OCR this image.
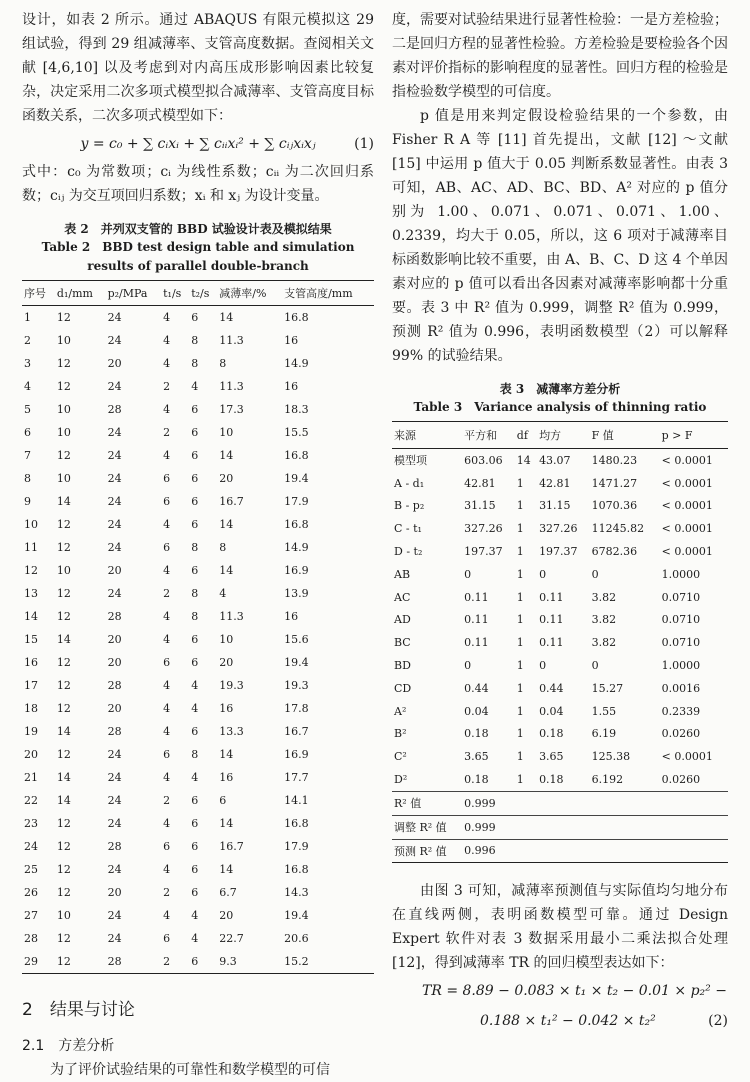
设计，如表 2 所示。通过 ABAQUS 有限元模拟这 29 组试验，得到 29 组减薄率、支管高度数据。查阅相关文献 [4,6,10] 以及考虑到对内高压成形影响因素比较复杂，决定采用二次多项式模型拟合减薄率、支管高度目标函数关系，二次多项式模型如下：

y = c₀ + ∑ cᵢxᵢ + ∑ cᵢᵢxᵢ² + ∑ cᵢⱼxᵢxⱼ	(1)

式中：c₀ 为常数项；cᵢ 为线性系数；cᵢᵢ 为二次回归系数；cᵢⱼ 为交互项回归系数；xᵢ 和 xⱼ 为设计变量。

表 2　并列双支管的 BBD 试验设计表及模拟结果
Table 2　BBD test design table and simulation results of parallel double-branch
序号	d₁/mm	p₂/MPa	t₁/s	t₂/s	减薄率/%	支管高度/mm
1	12	24	4	6	14	16.8
2	10	24	4	8	11.3	16
3	12	20	4	8	8	14.9
4	12	24	2	4	11.3	16
5	10	28	4	6	17.3	18.3
6	10	24	2	6	10	15.5
7	12	24	4	6	14	16.8
8	10	24	6	6	20	19.4
9	14	24	6	6	16.7	17.9
10	12	24	4	6	14	16.8
11	12	24	6	8	8	14.9
12	10	20	4	6	14	16.9
13	12	24	2	8	4	13.9
14	12	28	4	8	11.3	16
15	14	20	4	6	10	15.6
16	12	20	6	6	20	19.4
17	12	28	4	4	19.3	19.3
18	12	20	4	4	16	17.8
19	14	28	4	6	13.3	16.7
20	12	24	6	8	14	16.9
21	14	24	4	4	16	17.7
22	14	24	2	6	6	14.1
23	12	24	4	6	14	16.8
24	12	28	6	6	16.7	17.9
25	12	24	4	6	14	16.8
26	12	20	2	6	6.7	14.3
27	10	24	4	4	20	19.4
28	12	24	6	4	22.7	20.6
29	12	28	2	6	9.3	15.2
2　结果与讨论
2.1　方差分析

为了评价试验结果的可靠性和数学模型的可信

度，需要对试验结果进行显著性检验：一是方差检验；二是回归方程的显著性检验。方差检验是要检验各个因素对评价指标的影响程度的显著性。回归方程的检验是指检验数学模型的可信度。

p 值是用来判定假设检验结果的一个参数，由 Fisher R A 等 [11] 首先提出，文献 [12] ～文献 [15] 中运用 p 值大于 0.05 判断系数显著性。由表 3 可知，AB、AC、AD、BC、BD、A² 对应的 p 值分别为 1.00、0.071、0.071、0.071、1.00、0.2339，均大于 0.05，所以，这 6 项对于减薄率目标函数影响比较不重要，由 A、B、C、D 这 4 个单因素对应的 p 值可以看出各因素对减薄率影响都十分重要。表 3 中 R² 值为 0.999，调整 R² 值为 0.999，预测 R² 值为 0.996，表明函数模型（2）可以解释 99% 的试验结果。

表 3　减薄率方差分析
Table 3　Variance analysis of thinning ratio
来源	平方和	df	均方	F 值	p > F
模型项	603.06	14	43.07	1480.23	< 0.0001
A - d₁	42.81	1	42.81	1471.27	< 0.0001
B - p₂	31.15	1	31.15	1070.36	< 0.0001
C - t₁	327.26	1	327.26	11245.82	< 0.0001
D - t₂	197.37	1	197.37	6782.36	< 0.0001
AB	0	1	0	0	1.0000
AC	0.11	1	0.11	3.82	0.0710
AD	0.11	1	0.11	3.82	0.0710
BC	0.11	1	0.11	3.82	0.0710
BD	0	1	0	0	1.0000
CD	0.44	1	0.44	15.27	0.0016
A²	0.04	1	0.04	1.55	0.2339
B²	0.18	1	0.18	6.19	0.0260
C²	3.65	1	3.65	125.38	< 0.0001
D²	0.18	1	0.18	6.192	0.0260
R² 值	0.999				
调整 R² 值	0.999				
预测 R² 值	0.996				

由图 3 可知，减薄率预测值与实际值均匀地分布在直线两侧，表明函数模型可靠。通过 Design Expert 软件对表 3 数据采用最小二乘法拟合处理 [12]，得到减薄率 TR 的回归模型表达如下：

TR = 8.89 − 0.083 × t₁ × t₂ − 0.01 × p₂² −
0.188 × t₁² − 0.042 × t₂²	(2)
